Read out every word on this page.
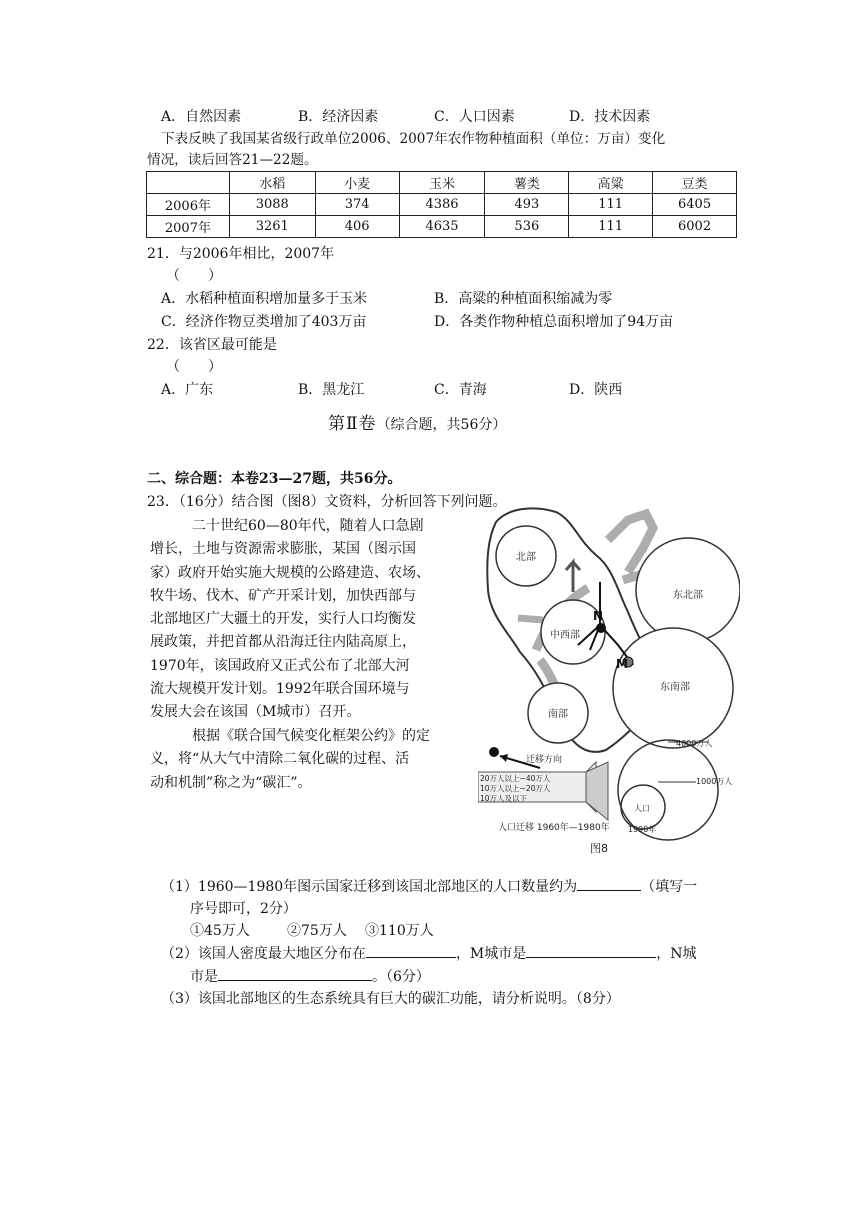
A．自然因素	B．经济因素	C．人口因素	D．技术因素
下表反映了我国某省级行政单位2006、2007年农作物种植面积（单位：万亩）变化
情况，读后回答21—22题。
	水稻	小麦	玉米	薯类	高粱	豆类
2006年	3088	374	4386	493	111	6405
2007年	3261	406	4635	536	111	6002
21．与2006年相比，2007年
（　　）
A．水稻种植面积增加量多于玉米	B．高粱的种植面积缩减为零
C．经济作物豆类增加了403万亩	D．各类作物种植总面积增加了94万亩
22．该省区最可能是
（　　）
A．广东	B．黑龙江	C．青海	D．陕西
第Ⅱ卷（综合题，共56分）
二、综合题：本卷23—27题，共56分。
23．（16分）结合图（图8）文资料，分析回答下列问题。
二十世纪60—80年代，随着人口急剧
增长，土地与资源需求膨胀，某国（图示国
家）政府开始实施大规模的公路建造、农场、
牧牛场、伐木、矿产开采计划，加快西部与
北部地区广大疆土的开发，实行人口均衡发
展政策，并把首都从沿海迁往内陆高原上，
1970年，该国政府又正式公布了北部大河
流大规模开发计划。1992年联合国环境与
发展大会在该国（M城市）召开。
根据《联合国气候变化框架公约》的定
义，将“从大气中清除二氧化碳的过程、活
动和机制”称之为“碳汇”。
北部
东北部
中西部
东南部
南部
N
M
迁移方向
20万人以上~40万人
10万人以上~20万人
10万人及以下
人口迁移 1960年—1980年
4000万人
1000万人
人口
1990年
图8
（1）1960—1980年图示国家迁移到该国北部地区的人口数量约为	（填写一
序号即可，2分）
①45万人	②75万人 ③110万人
（2）该国人密度最大地区分布在	，M城市是	，N城
市是	。（6分）
（3）该国北部地区的生态系统具有巨大的碳汇功能，请分析说明。（8分）
